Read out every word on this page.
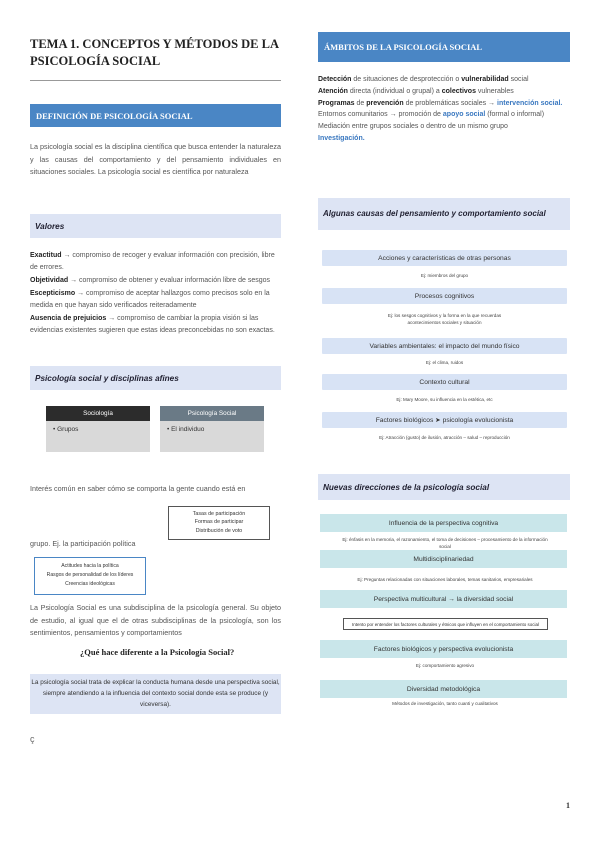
TEMA 1. CONCEPTOS Y MÉTODOS DE LA PSICOLOGÍA SOCIAL
DEFINICIÓN DE PSICOLOGÍA SOCIAL
La psicología social es la disciplina científica que busca entender la naturaleza y las causas del comportamiento y del pensamiento individuales en situaciones sociales. La psicología social es científica por naturaleza
Valores
Exactitud → compromiso de recoger y evaluar información con precisión, libre de errores.
Objetividad → compromiso de obtener y evaluar información libre de sesgos
Escepticismo → compromiso de aceptar hallazgos como precisos solo en la medida en que hayan sido verificados reiteradamente
Ausencia de prejuicios → compromiso de cambiar la propia visión si las evidencias existentes sugieren que estas ideas preconcebidas no son exactas.
Psicología social y disciplinas afines
Sociología
• Grupos
Psicología Social
• El individuo
Interés común en saber cómo se comporta la gente cuando está en
Tasas de participación
Formas de participar
Distribución de voto
grupo. Ej. la participación política
Actitudes hacia la política
Rasgos de personalidad de los líderes
Creencias ideológicas
La Psicología Social es una subdisciplina de la psicología general. Su objeto de estudio, al igual que el de otras subdisciplinas de la psicología, son los sentimientos, pensamientos y comportamientos
¿Qué hace diferente a la Psicología Social?
La psicología social trata de explicar la conducta humana desde una perspectiva social, siempre atendiendo a la influencia del contexto social donde esta se produce (y viceversa).
ç
ÁMBITOS DE LA PSICOLOGÍA SOCIAL
Detección de situaciones de desprotección o vulnerabilidad social
Atención directa (individual o grupal) a colectivos vulnerables
Programas de prevención de problemáticas sociales → intervención social.
Entornos comunitarios → promoción de apoyo social (formal o informal)
Mediación entre grupos sociales o dentro de un mismo grupo
Investigación.
Algunas causas del pensamiento y comportamiento social
Acciones y características de otras personas
Ej: miembros del grupo
Procesos cognitivos
Ej: los sesgos cognitivos y la forma en la que recuerdas acontecimientos sociales y situación
Variables ambientales: el impacto del mundo físico
Ej: el clima, ruidos
Contexto cultural
Ej: Mary Moore, su influencia en la estética, etc
Factores biológicos ➤ psicología evolucionista
Ej: Atracción (gusto) de ilusión, atracción – salud – reproducción
Nuevas direcciones de la psicología social
Influencia de la perspectiva cognitiva
Ej: énfasis en la memoria, el razonamiento, el toma de decisiones – procesamiento de la información social
Multidisciplinariedad
Ej: Preguntas relacionadas con situaciones laborales, temas sanitarios, empresariales
Perspectiva multicultural → la diversidad social
Intento por entender los factores culturales y étnicos que influyen en el comportamiento social
Factores biológicos y perspectiva evolucionista
Ej: comportamiento agresivo
Diversidad metodológica
Métodos de investigación, tanto cuanti y cualitativos
1
